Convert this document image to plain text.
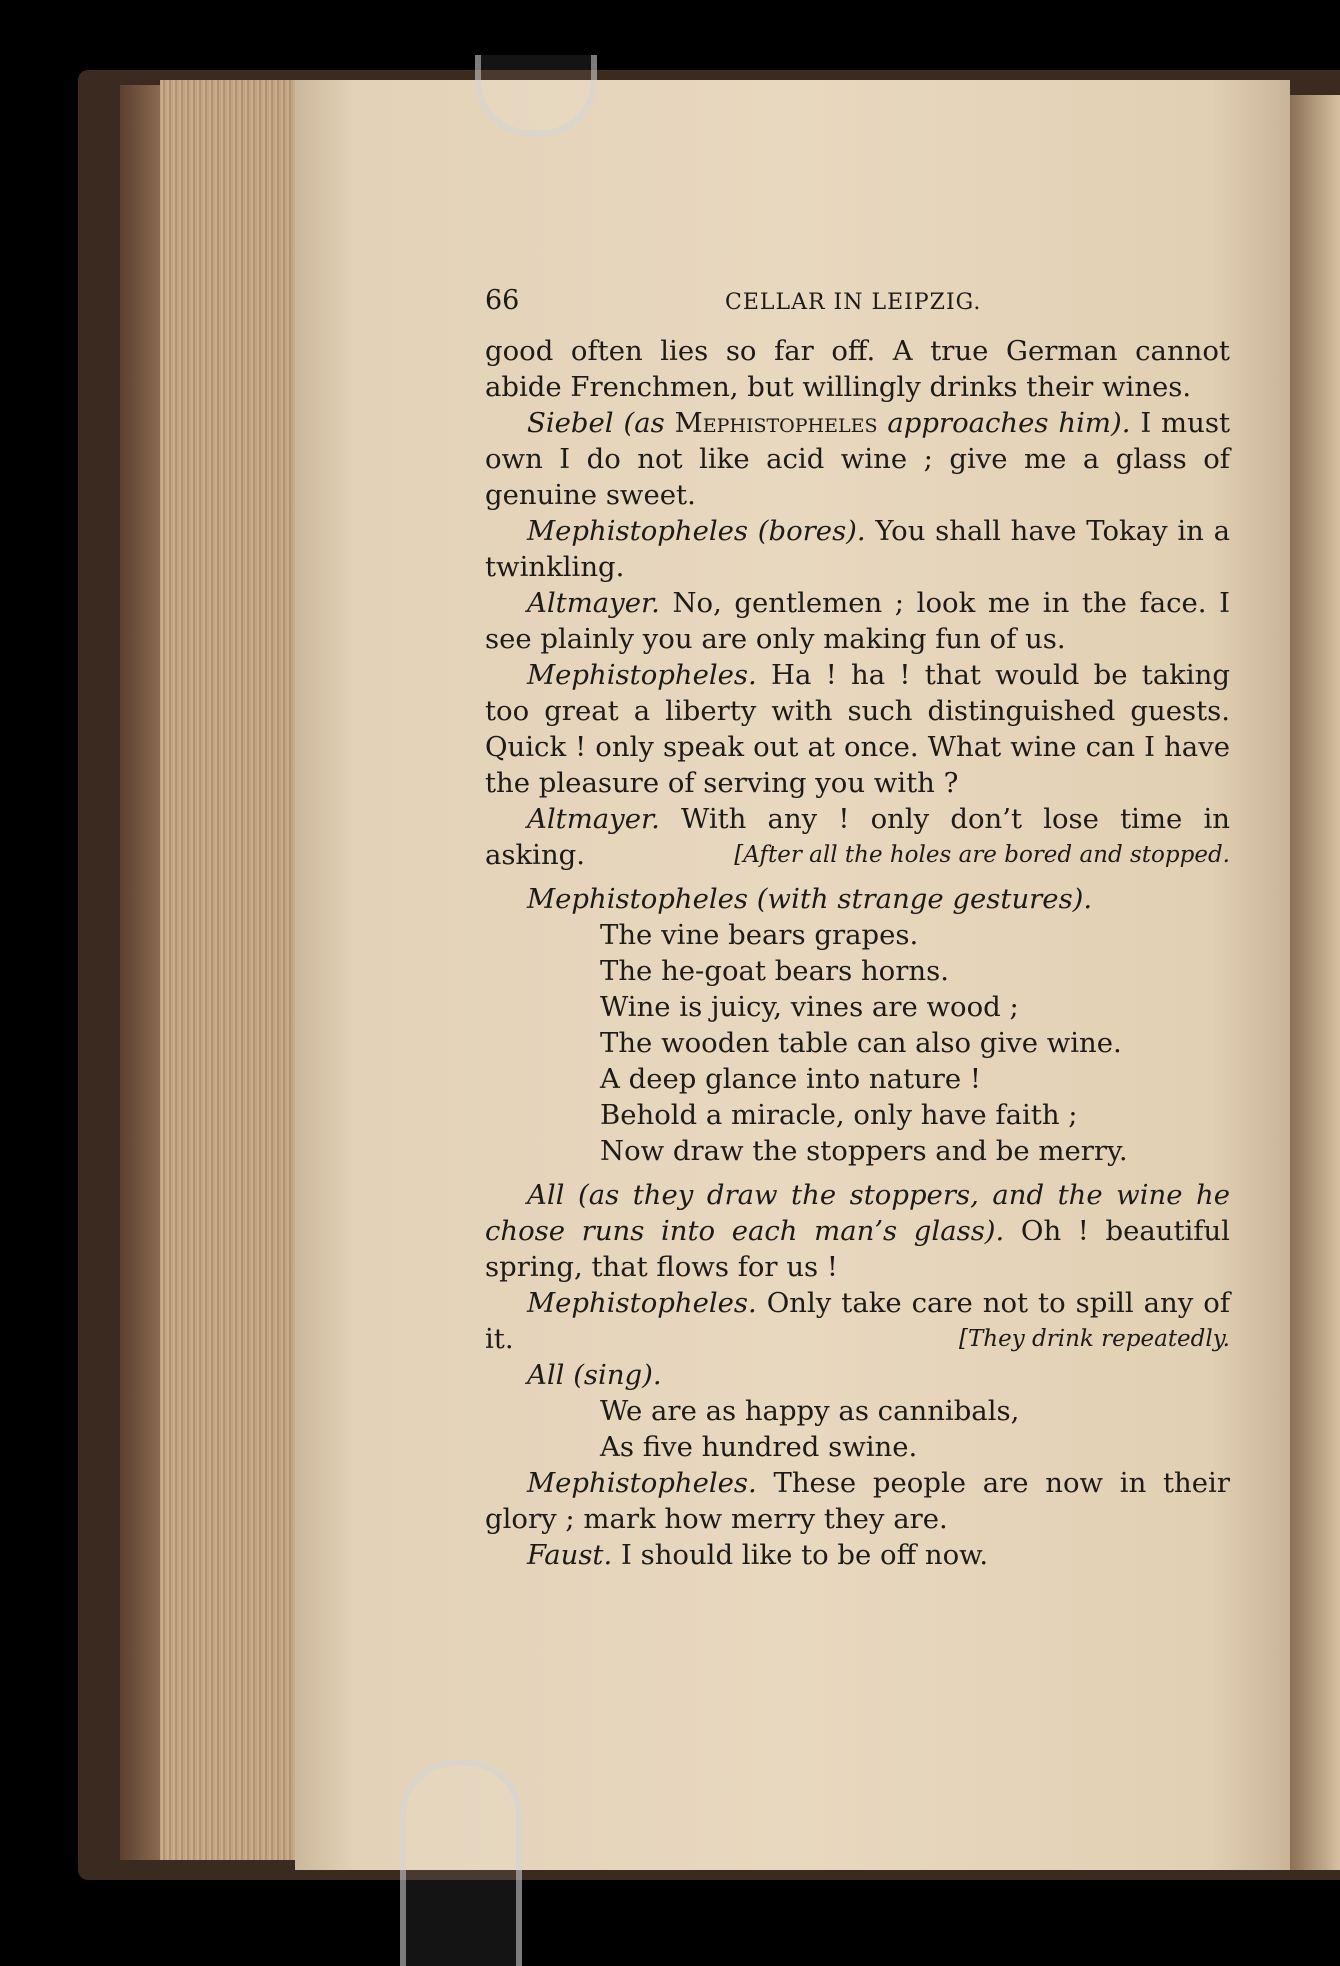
66	CELLAR IN LEIPZIG.

good often lies so far off. A true German cannot abide Frenchmen, but willingly drinks their wines.

Siebel (as Mephistopheles approaches him). I must own I do not like acid wine ; give me a glass of genuine sweet.

Mephistopheles (bores). You shall have Tokay in a twinkling.

Altmayer. No, gentlemen ; look me in the face. I see plainly you are only making fun of us.

Mephistopheles. Ha ! ha ! that would be taking too great a liberty with such distinguished guests. Quick ! only speak out at once. What wine can I have the pleasure of serving you with ?

Altmayer. With any ! only don’t lose time in asking.	[After all the holes are bored and stopped.

Mephistopheles (with strange gestures).

The vine bears grapes.
The he-goat bears horns.
Wine is juicy, vines are wood ;
The wooden table can also give wine.
A deep glance into nature !
Behold a miracle, only have faith ;
Now draw the stoppers and be merry.

All (as they draw the stoppers, and the wine he chose runs into each man’s glass). Oh ! beautiful spring, that flows for us !

Mephistopheles. Only take care not to spill any of it.	[They drink repeatedly.

All (sing).

We are as happy as cannibals,
As five hundred swine.

Mephistopheles. These people are now in their glory ; mark how merry they are.

Faust. I should like to be off now.
